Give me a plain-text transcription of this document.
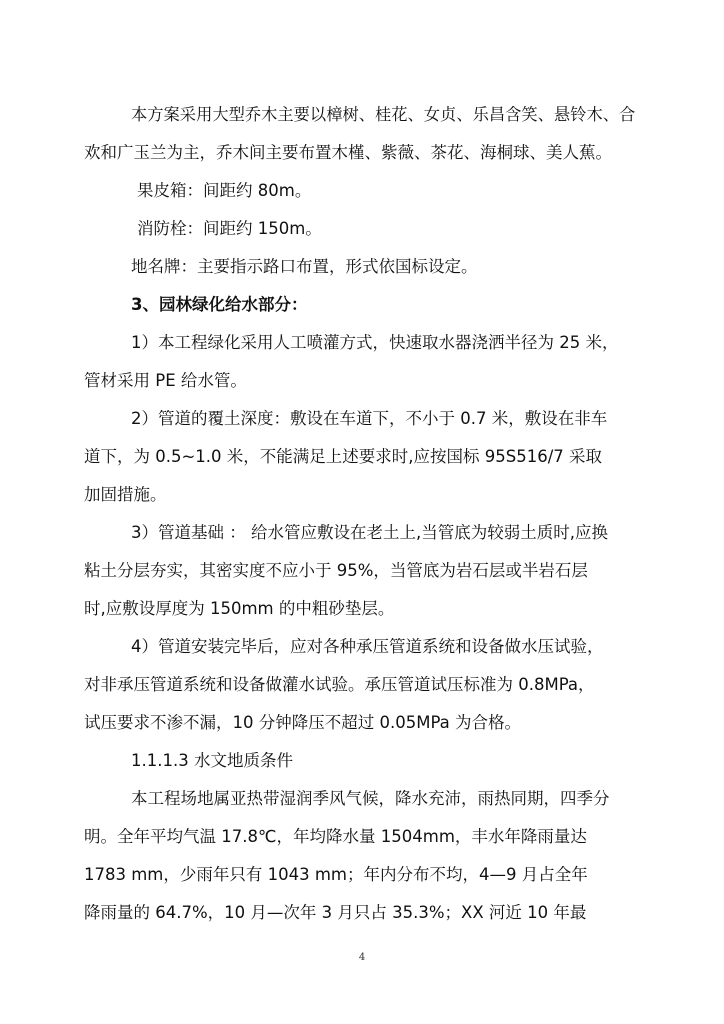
本方案采用大型乔木主要以樟树、桂花、女贞、乐昌含笑、悬铃木、合
欢和广玉兰为主，乔木间主要布置木槿、紫薇、茶花、海桐球、美人蕉。
果皮箱：间距约 80m。
消防栓：间距约 150m。
地名牌：主要指示路口布置，形式依国标设定。
3、园林绿化给水部分：
1）本工程绿化采用人工喷灌方式，快速取水器浇洒半径为 25 米，
管材采用 PE 给水管。
2）管道的覆土深度：敷设在车道下，不小于 0.7 米，敷设在非车
道下，为 0.5~1.0 米，不能满足上述要求时,应按国标 95S516/7 采取
加固措施。
3）管道基础 ： 给水管应敷设在老土上,当管底为较弱土质时,应换
粘土分层夯实，其密实度不应小于 95%，当管底为岩石层或半岩石层
时,应敷设厚度为 150mm 的中粗砂垫层。
4）管道安装完毕后，应对各种承压管道系统和设备做水压试验，
对非承压管道系统和设备做灌水试验。承压管道试压标准为 0.8MPa，
试压要求不渗不漏，10 分钟降压不超过 0.05MPa 为合格。
1.1.1.3 水文地质条件
本工程场地属亚热带湿润季风气候，降水充沛，雨热同期，四季分
明。全年平均气温 17.8℃，年均降水量 1504mm，丰水年降雨量达
1783 mm，少雨年只有 1043 mm；年内分布不均，4—9 月占全年
降雨量的 64.7%，10 月—次年 3 月只占 35.3%；XX 河近 10 年最
4
